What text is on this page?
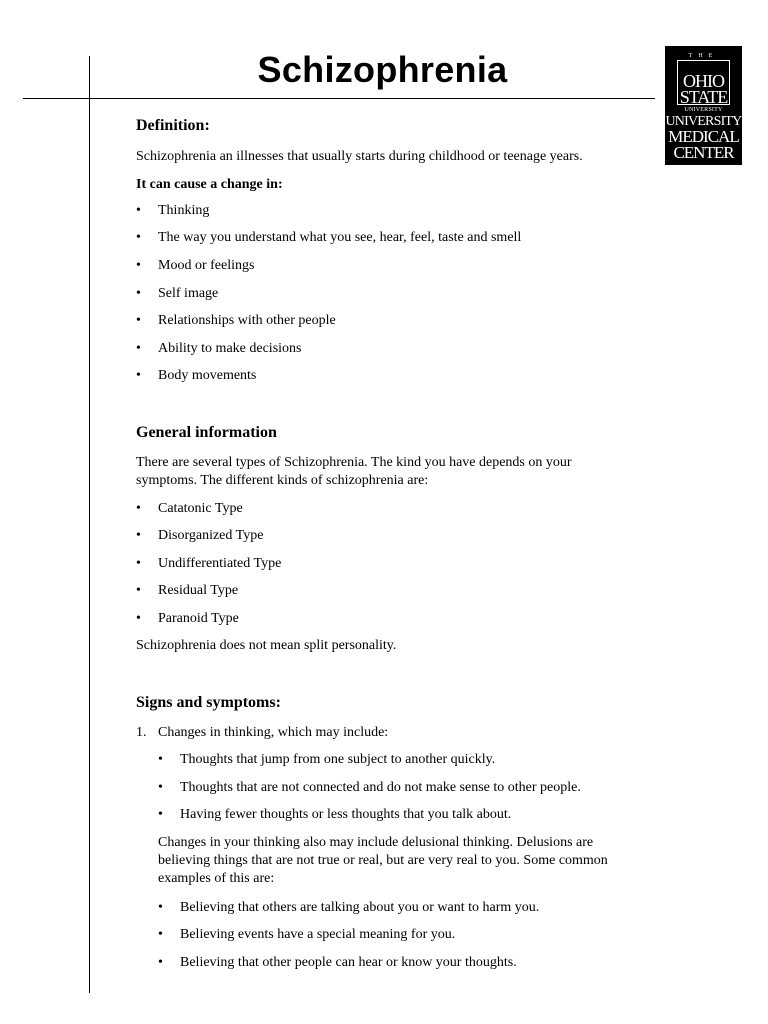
Schizophrenia	THE
OHIO
STATE
UNIVERSITY
UNIVERSITY
MEDICAL
CENTER
Definition:
Schizophrenia an illnesses that usually starts during childhood or teenage years.
It can cause a change in:
• Thinking
• The way you understand what you see, hear, feel, taste and smell
• Mood or feelings
• Self image
• Relationships with other people
• Ability to make decisions
• Body movements
General information
There are several types of Schizophrenia. The kind you have depends on your symptoms. The different kinds of schizophrenia are:
• Catatonic Type
• Disorganized Type
• Undifferentiated Type
• Residual Type
• Paranoid Type
Schizophrenia does not mean split personality.
Signs and symptoms:
1. Changes in thinking, which may include:
• Thoughts that jump from one subject to another quickly.
• Thoughts that are not connected and do not make sense to other people.
• Having fewer thoughts or less thoughts that you talk about.
Changes in your thinking also may include delusional thinking. Delusions are believing things that are not true or real, but are very real to you. Some common examples of this are:
• Believing that others are talking about you or want to harm you.
• Believing events have a special meaning for you.
• Believing that other people can hear or know your thoughts.
